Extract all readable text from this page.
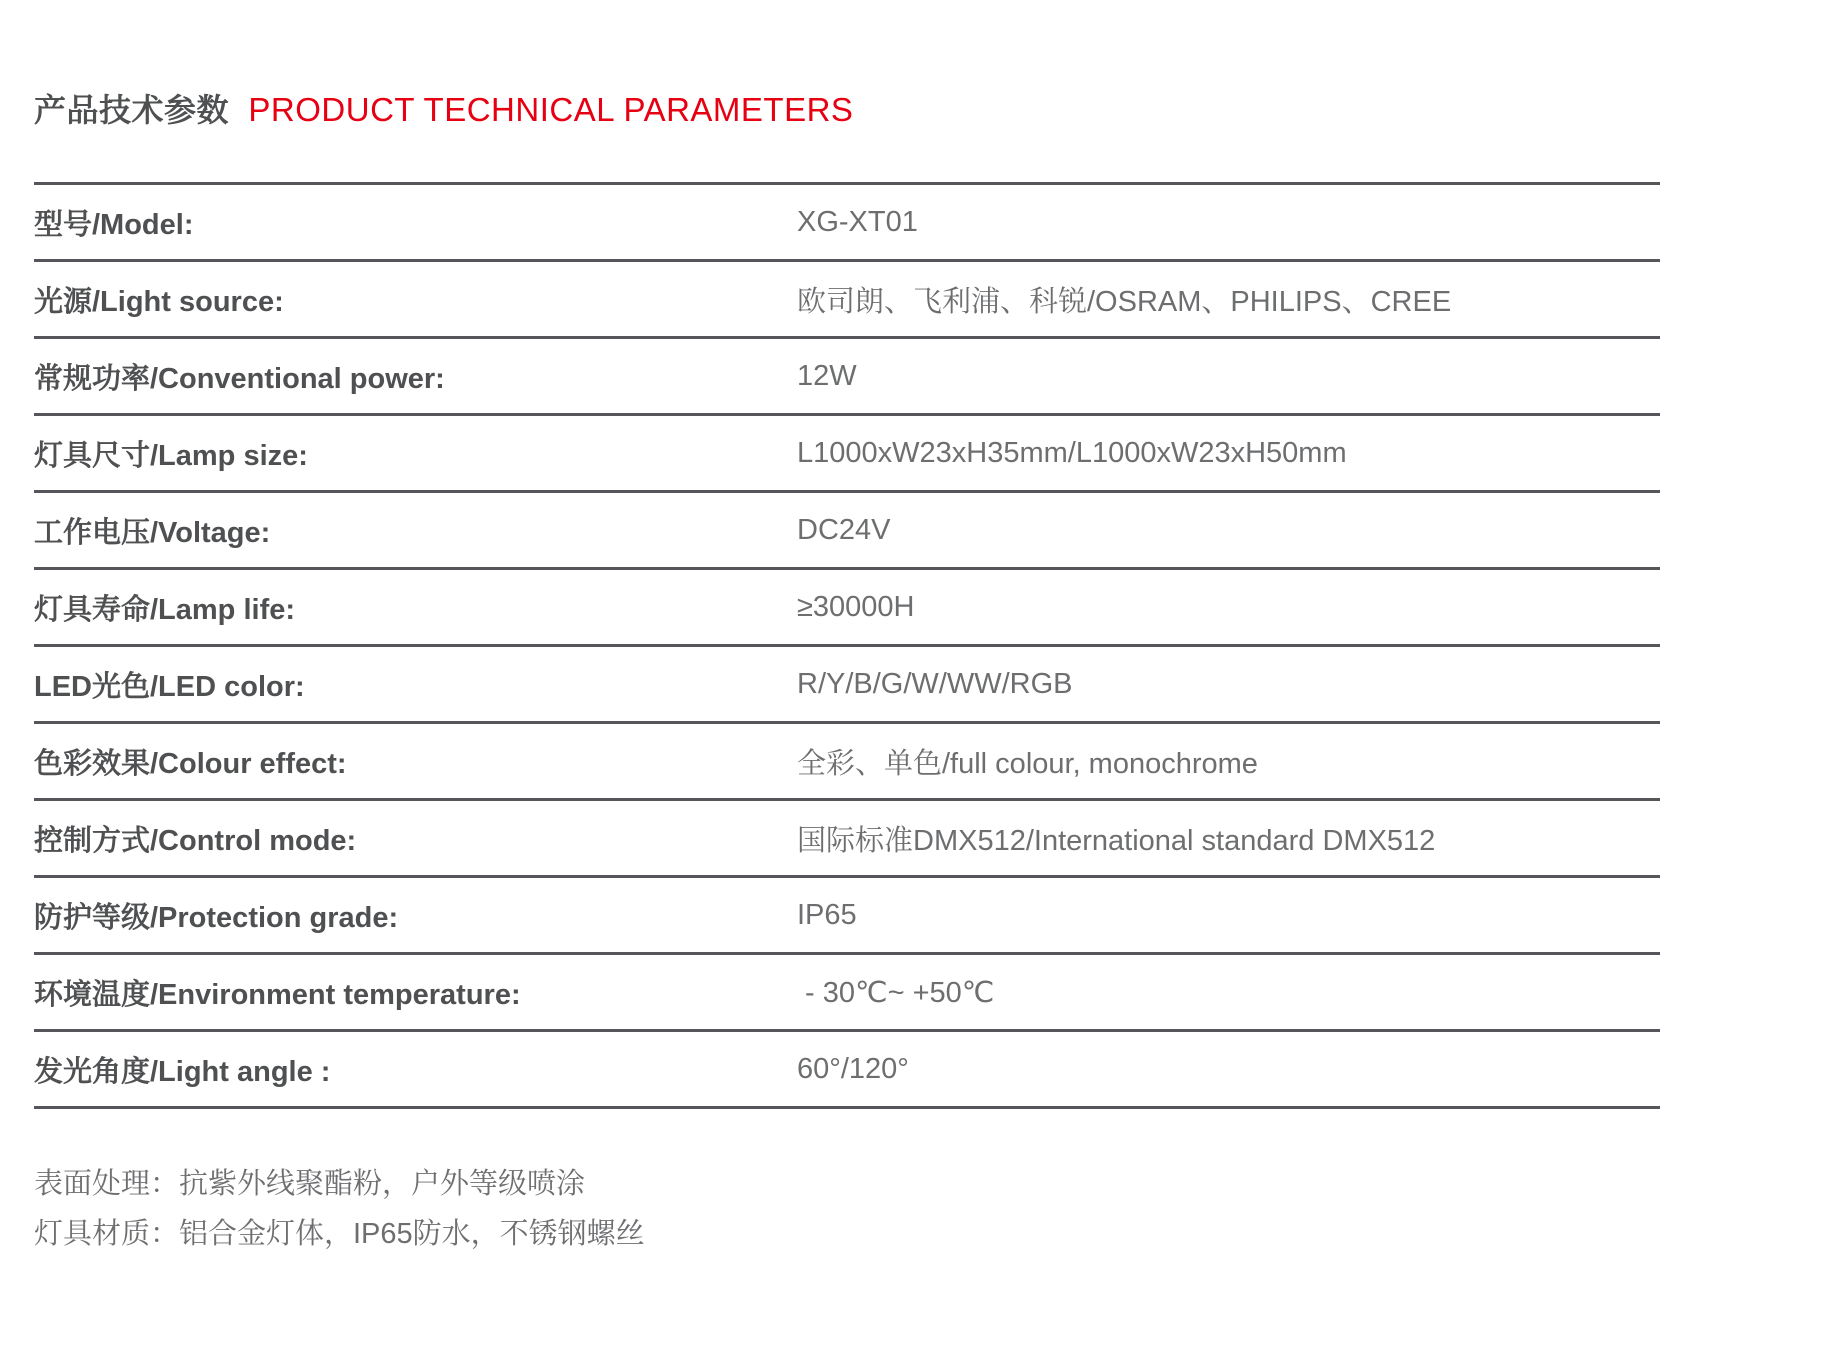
产品技术参数 PRODUCT TECHNICAL PARAMETERS
型号/Model:	XG-XT01
光源/Light source:	欧司朗、飞利浦、科锐/OSRAM、PHILIPS、CREE
常规功率/Conventional power:	12W
灯具尺寸/Lamp size:	L1000xW23xH35mm/L1000xW23xH50mm
工作电压/Voltage:	DC24V
灯具寿命/Lamp life:	≥30000H
LED光色/LED color:	R/Y/B/G/W/WW/RGB
色彩效果/Colour effect:	全彩、单色/full colour, monochrome
控制方式/Control mode:	国际标准DMX512/International standard DMX512
防护等级/Protection grade:	IP65
环境温度/Environment temperature:	- 30℃~ +50℃
发光角度/Light angle :	60°/120°
表面处理：抗紫外线聚酯粉，户外等级喷涂
灯具材质：铝合金灯体，IP65防水，不锈钢螺丝
